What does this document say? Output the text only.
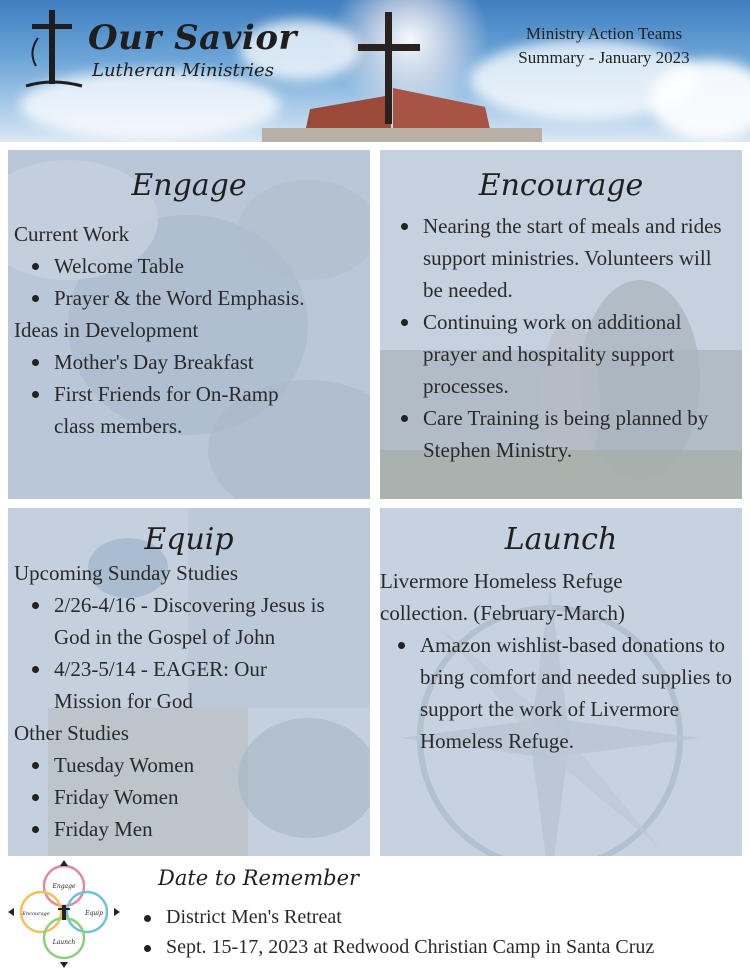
Our Savior
Lutheran Ministries
Ministry Action Teams
Summary - January 2023
Engage
Current Work
Welcome Table
Prayer & the Word Emphasis.
Ideas in Development
Mother's Day Breakfast
First Friends for On-Ramp class members.
Encourage
Nearing the start of meals and rides support ministries. Volunteers will be needed.
Continuing work on additional prayer and hospitality support processes.
Care Training is being planned by Stephen Ministry.
Equip
Upcoming Sunday Studies
2/26-4/16 - Discovering Jesus is God in the Gospel of John
4/23-5/14 - EAGER: Our Mission for God
Other Studies
Tuesday Women
Friday Women
Friday Men
Launch
Livermore Homeless Refuge collection. (February-March)
Amazon wishlist-based donations to bring comfort and needed supplies to support the work of Livermore Homeless Refuge.
Engage
Encourage	Equip
Launch
Date to Remember
District Men's Retreat
Sept. 15-17, 2023 at Redwood Christian Camp in Santa Cruz
